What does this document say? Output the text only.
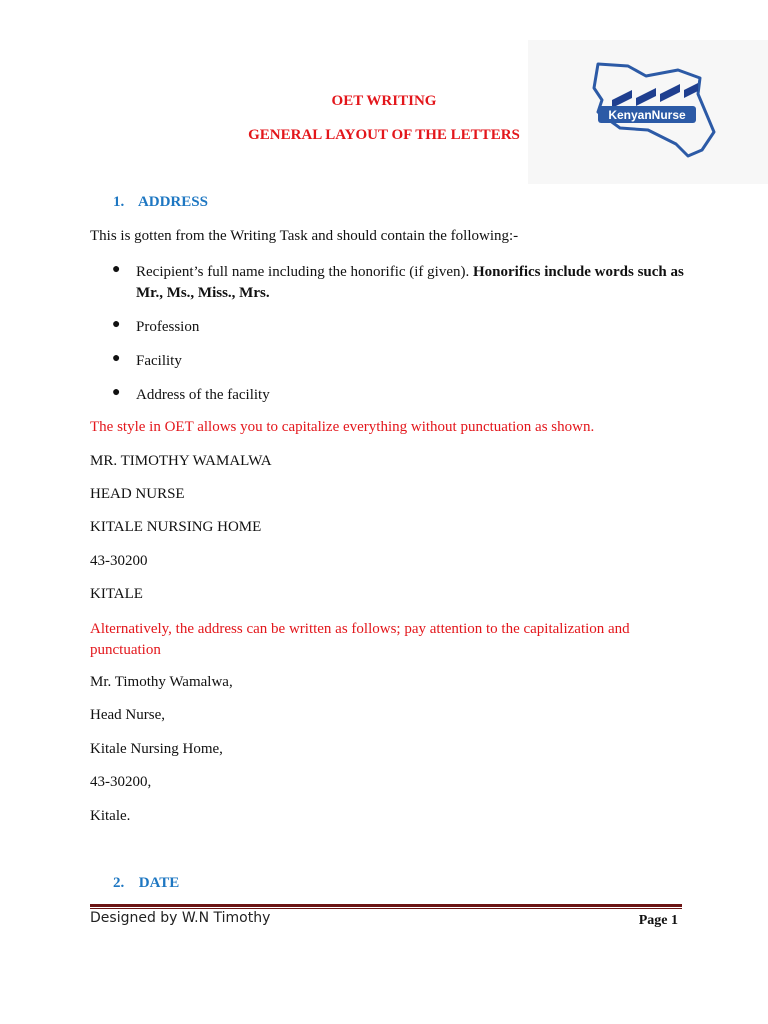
KenyanNurse

OET WRITING

GENERAL LAYOUT OF THE LETTERS

1. ADDRESS

This is gotten from the Writing Task and should contain the following:-

● Recipient’s full name including the honorific (if given). Honorifics include words such as Mr., Ms., Miss., Mrs.
● Profession
● Facility
● Address of the facility

The style in OET allows you to capitalize everything without punctuation as shown.

MR. TIMOTHY WAMALWA

HEAD NURSE

KITALE NURSING HOME

43-30200

KITALE

Alternatively, the address can be written as follows; pay attention to the capitalization and punctuation

Mr. Timothy Wamalwa,

Head Nurse,

Kitale Nursing Home,

43-30200,

Kitale.

2. DATE

Designed by W.N Timothy	Page 1
